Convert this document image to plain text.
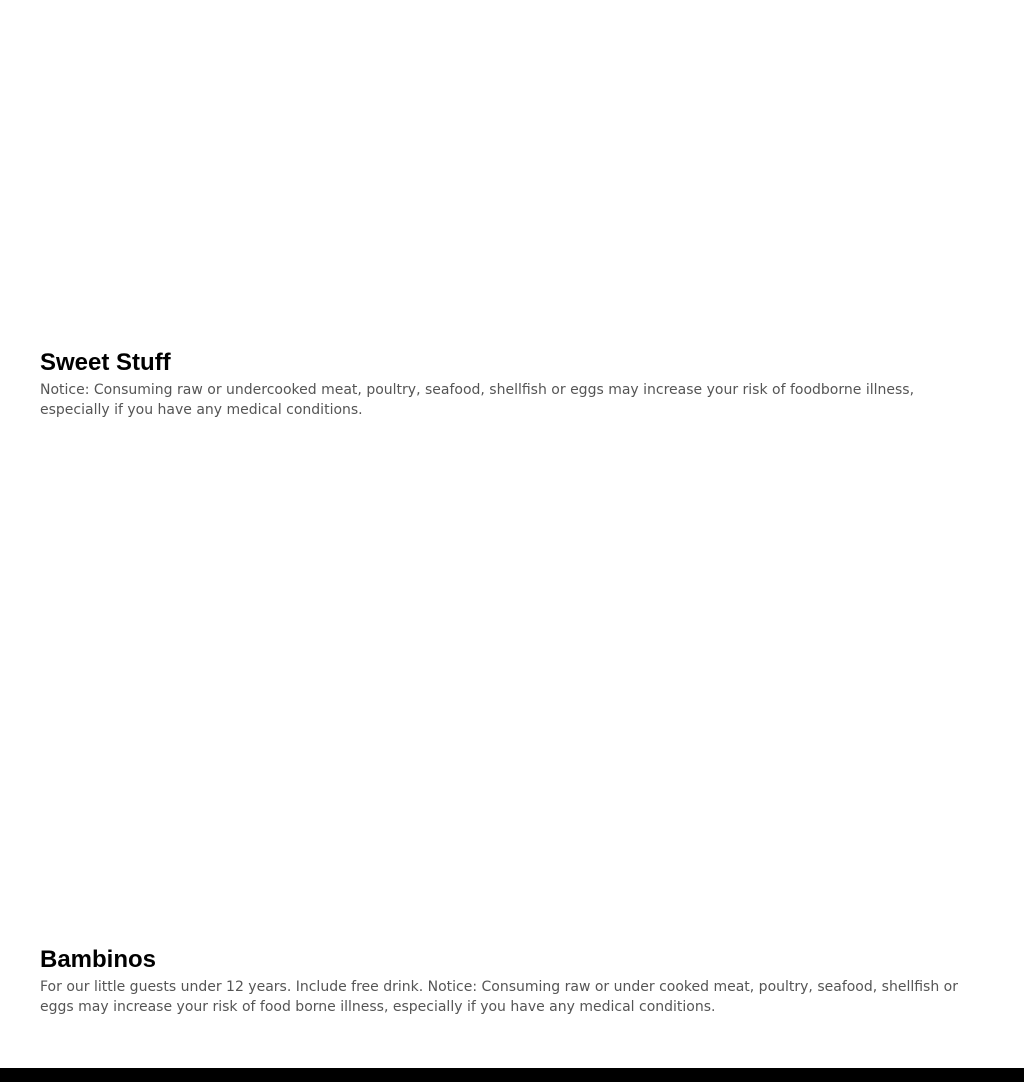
Sweet Stuff

Notice: Consuming raw or undercooked meat, poultry, seafood, shellfish or eggs may increase your risk of foodborne illness, especially if you have any medical conditions.

Bambinos

For our little guests under 12 years. Include free drink. Notice: Consuming raw or under cooked meat, poultry, seafood, shellfish or eggs may increase your risk of food borne illness, especially if you have any medical conditions.
